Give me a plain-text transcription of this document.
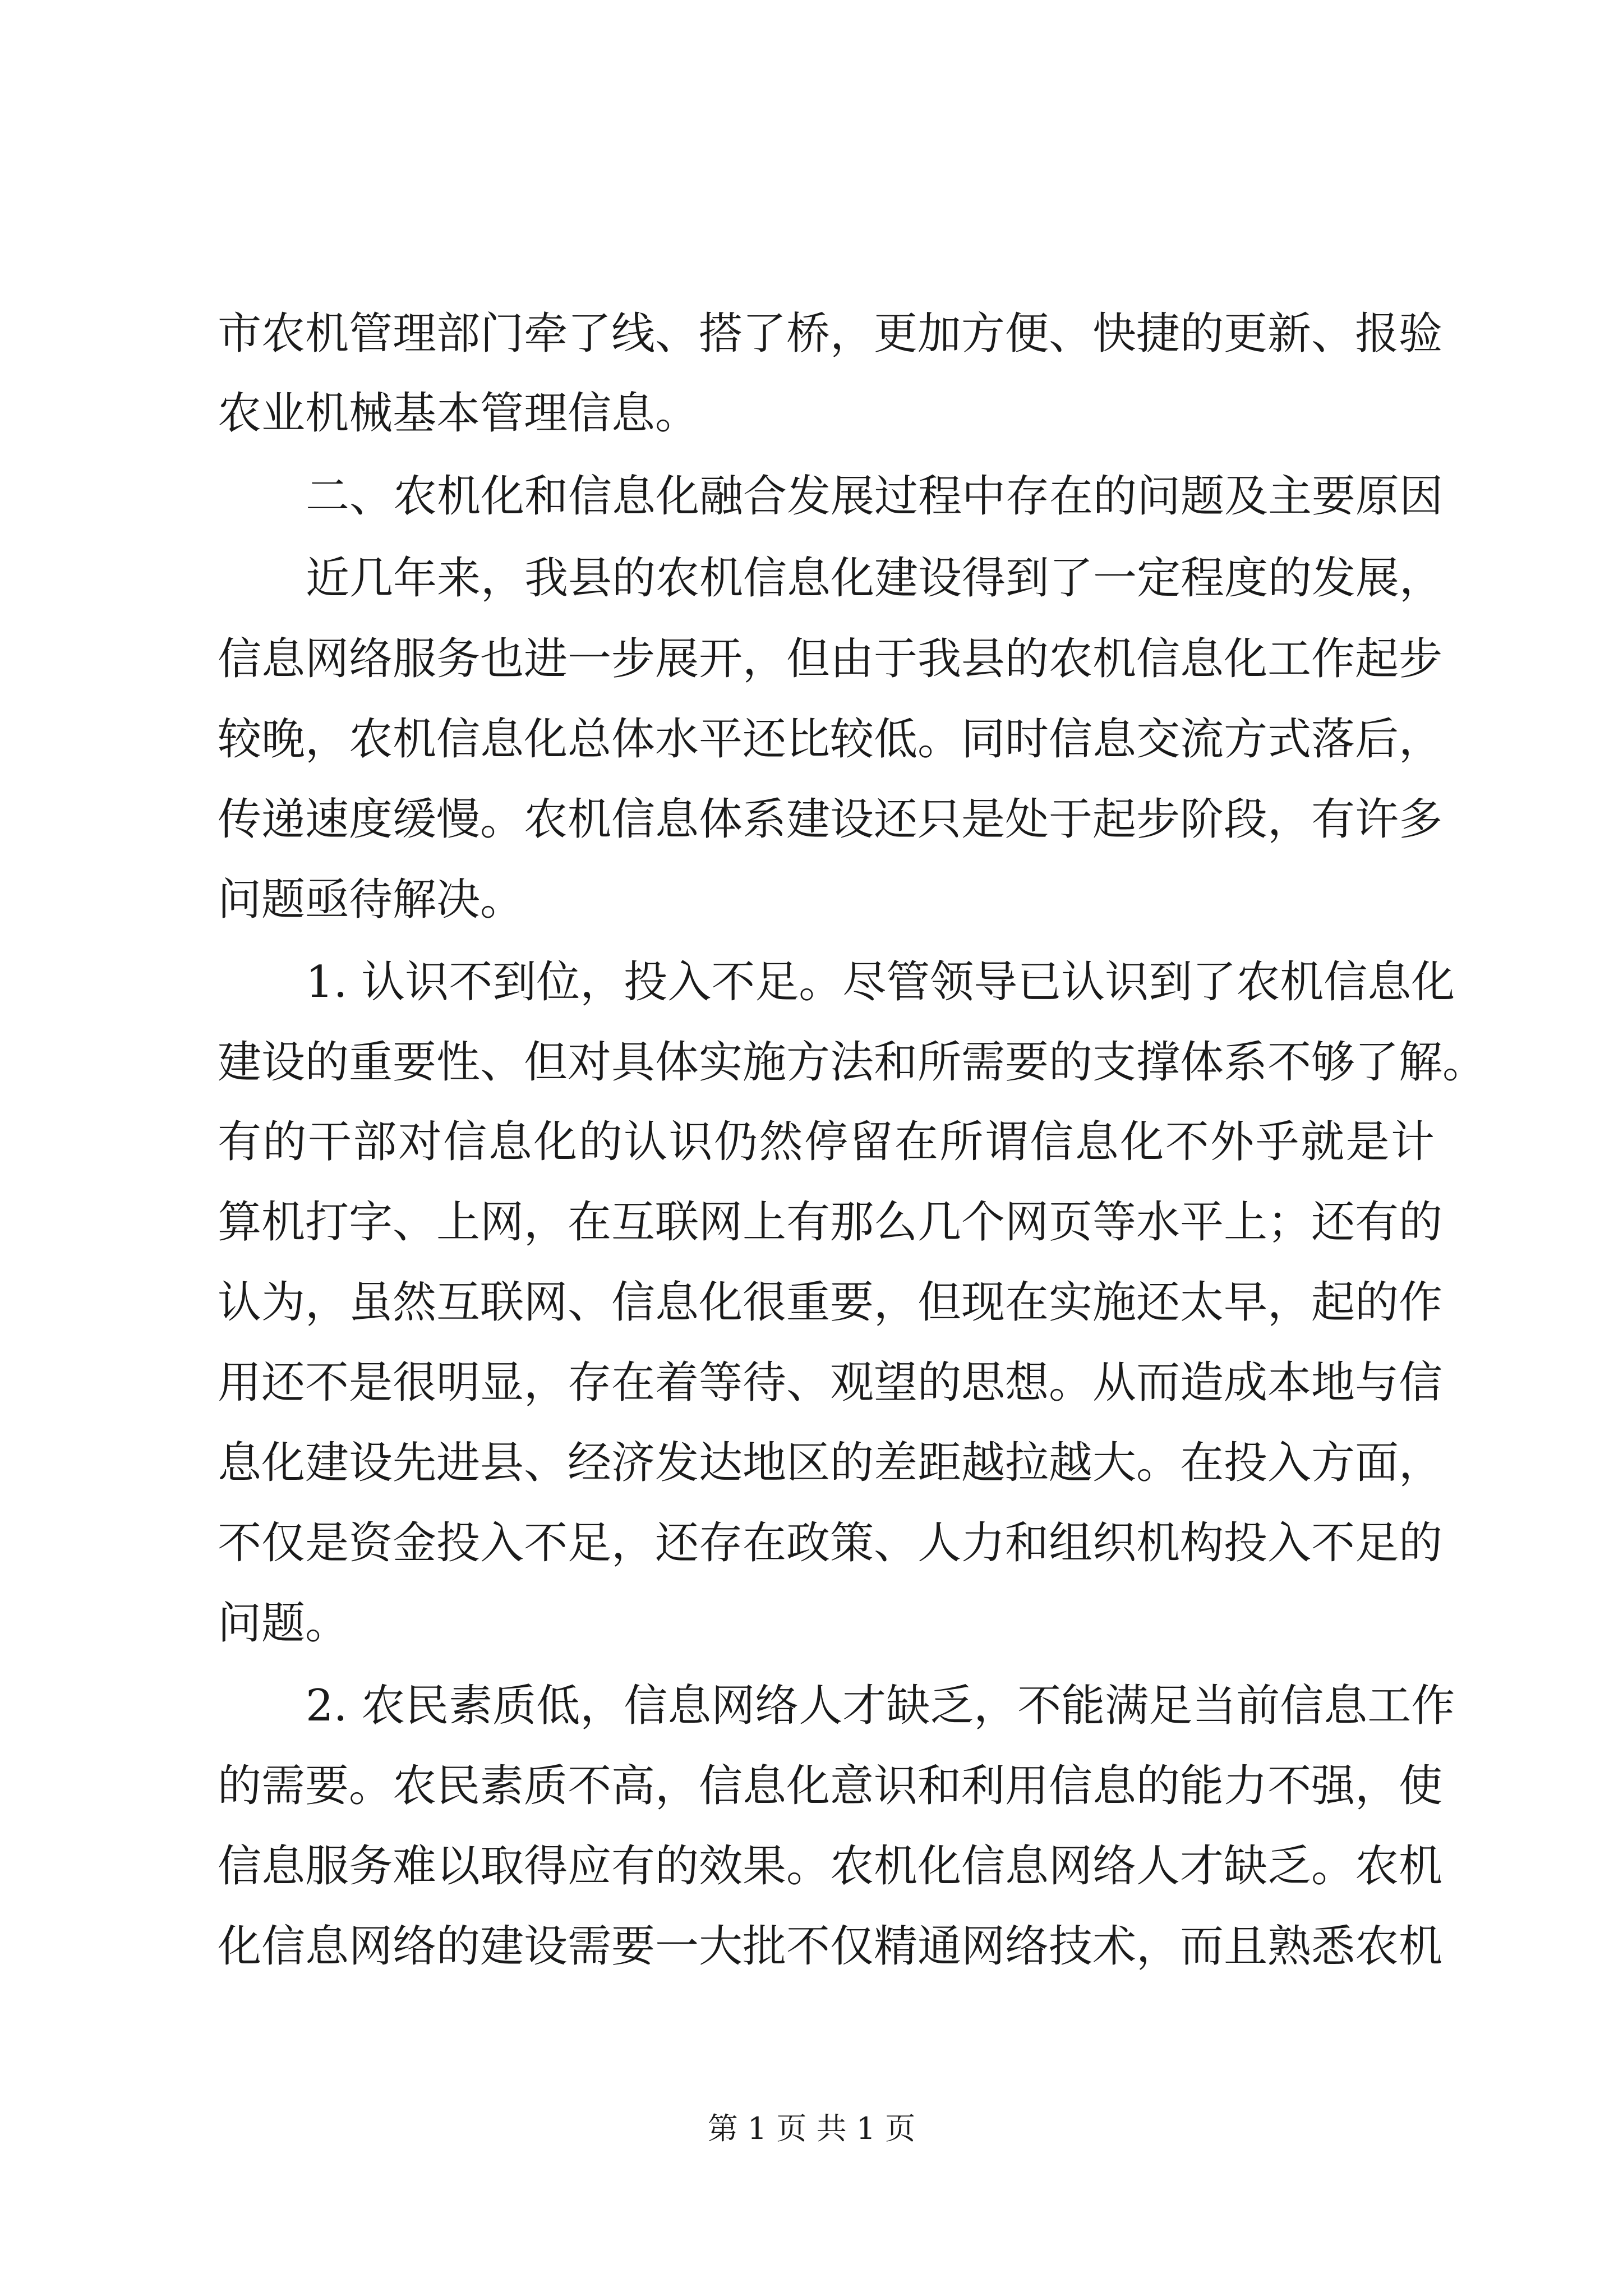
市农机管理部门牵了线、搭了桥，更加方便、快捷的更新、报验
农业机械基本管理信息。
二、农机化和信息化融合发展过程中存在的问题及主要原因
近几年来，我县的农机信息化建设得到了一定程度的发展，
信息网络服务也进一步展开，但由于我县的农机信息化工作起步
较晚，农机信息化总体水平还比较低。同时信息交流方式落后，
传递速度缓慢。农机信息体系建设还只是处于起步阶段，有许多
问题亟待解决。
1. 认识不到位，投入不足。尽管领导已认识到了农机信息化
建设的重要性、但对具体实施方法和所需要的支撑体系不够了解。
有的干部对信息化的认识仍然停留在所谓信息化不外乎就是计
算机打字、上网，在互联网上有那么几个网页等水平上；还有的
认为，虽然互联网、信息化很重要，但现在实施还太早，起的作
用还不是很明显，存在着等待、观望的思想。从而造成本地与信
息化建设先进县、经济发达地区的差距越拉越大。在投入方面，
不仅是资金投入不足，还存在政策、人力和组织机构投入不足的
问题。
2. 农民素质低，信息网络人才缺乏，不能满足当前信息工作
的需要。农民素质不高，信息化意识和利用信息的能力不强，使
信息服务难以取得应有的效果。农机化信息网络人才缺乏。农机
化信息网络的建设需要一大批不仅精通网络技术，而且熟悉农机
第 1 页 共 1 页
